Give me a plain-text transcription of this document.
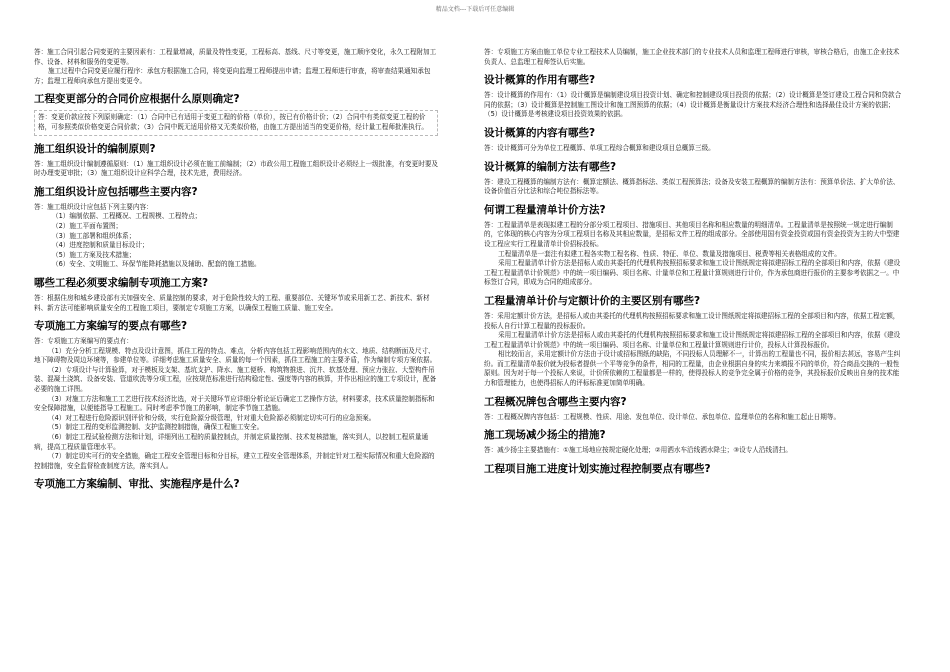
精品文档---下载后可任意编辑

答：施工合同引起合同变更的主要因素有：工程量增减，质量及特性变更，工程标高、基线、尺寸等变更，施工顺序变化，永久工程附加工作、设备、材料和服务的变更等。

施工过程中合同变更应履行程序：承包方根据施工合同，将变更向监理工程师提出申请；监理工程师进行审查，将审查结果通知承包方；监理工程师向承包方提出变更令。

工程变更部分的合同价应根据什么原则确定?

答：变更价款应按下列原则确定：（1）合同中已有适用于变更工程的价格（单价），按已有价格计价；（2）合同中有类似变更工程的价格，可参照类似价格变更合同价款；（3）合同中既无适用价格又无类似价格，由施工方提出适当的变更价格，经计量工程师批准执行。

施工组织设计的编制原则?

答：施工组织设计编制遵循原则：（1）施工组织设计必须在施工前编制；（2）市政公用工程施工组织设计必须经上一级批准，有变更时要及时办理变更审批；（3）施工组织设计应科学合理，技术先进，费用经济。

施工组织设计应包括哪些主要内容?

答：施工组织设计应包括下列主要内容：

（1）编制依据、工程概况、工程规模、工程特点；

（2）施工平面布置图；

（3）施工部署和组织体系；

（4）进度控制和质量目标设计；

（5）施工方案及技术措施；

（6）安全、文明施工、环保节能降耗措施以及辅助、配套的施工措施。

哪些工程必须要求编制专项施工方案?

答：根据住房和城乡建设部有关加强安全、质量控制的要求，对于危险性较大的工程、重要部位、关键环节或采用新工艺、新技术、新材料、新方法可能影响质量安全的工程施工项目，要制定专项施工方案，以确保工程施工质量、施工安全。

专项施工方案编写的要点有哪些?

答：专项施工方案编写的要点有：

（1）充分分析工程规模、特点及设计意图，抓住工程的特点、难点，分析内容包括工程影响范围内的水文、地质、结构断面及尺寸、地下障碍物及周边环境等，参建单位等。详细考虑施工质量安全、质量的每一个因素，抓住工程施工的主要矛盾，作为编制专项方案依据。

（2）专项设计与计算验算，对于模板及支架、基坑支护、降水、施工便桥、构筑物推进、沉井、软基处理、预应力张拉、大型构件吊装、混凝土浇筑、设备安装、管道吹洗等分项工程，应按规范标准进行结构稳定性、强度等内容的核算，并作出相应的施工专项设计，配备必要的施工详图。

（3）对施工方法和施工工艺进行技术经济比选，对于关键环节应详细分析论证后确定工艺操作方法，材料要求，技术质量控制指标和安全保障措施，以便能指导工程施工。同时考虑季节施工的影响，制定季节施工措施。

（4）对工程进行危险源识别评价和分级，实行危险源分级管理，针对重大危险源必须制定切实可行的应急预案。

（5）制定工程的变形监测控制、支护监测控制措施，确保工程施工安全。

（6）制定工程试验检测方法和计划，详细列出工程的质量控制点，并制定质量控制、技术复核措施，落实到人，以控制工程质量通病，提高工程质量管理水平。

（7）制定切实可行的安全措施，确定工程安全管理目标和分目标，建立工程安全管理体系，并制定针对工程实际情况和重大危险源的控制措施，安全监督检查制度方法，落实到人。

专项施工方案编制、审批、实施程序是什么?

答：专项施工方案由施工单位专业工程技术人员编制，施工企业技术部门的专业技术人员和监理工程师进行审核，审核合格后，由施工企业技术负责人、总监理工程师签认后实施。

设计概算的作用有哪些?

答：设计概算的作用有：（1）设计概算是编制建设项目投资计划、确定和控制建设项目投资的依据；（2）设计概算是签订建设工程合同和贷款合同的依据；（3）设计概算是控制施工图设计和施工图预算的依据；（4）设计概算是衡量设计方案技术经济合理性和选择最佳设计方案的依据；（5）设计概算是考核建设项目投资效果的依据。

设计概算的内容有哪些?

答：设计概算可分为单位工程概算、单项工程综合概算和建设项目总概算三级。

设计概算的编制方法有哪些?

答：建设工程概算的编制方法有：概算定额法、概算指标法、类似工程预算法；设备及安装工程概算的编制方法有：预算单价法、扩大单价法、设备价值百分比法和综合吨位指标法等。

何谓工程量清单计价方法?

答：工程量清单是表现拟建工程的分部分项工程项目、措施项目、其他项目名称和相应数量的明细清单。工程量清单是按照统一规定进行编制的，它体现的核心内容为分项工程项目名称及其相应数量，是招标文件工程的组成部分。全部使用国有资金投资或国有资金投资为主的大中型建设工程应实行工程量清单计价招标投标。

工程量清单是一套注有拟建工程各实物工程名称、性质、特征、单位、数量及措施项目、税费等相关表格组成的文件。

采用工程量清单计价方法是招标人或由其委托的代理机构按照招标要求和施工设计图纸规定将拟建招标工程的全部项目和内容，依据《建设工程工程量清单计价规范》中的统一项目编码、项目名称、计量单位和工程量计算规则进行计价，作为承包商进行报价的主要参考依据之一。中标签订合同，即成为合同的组成部分。

工程量清单计价与定额计价的主要区别有哪些?

答：采用定额计价方法，是招标人或由其委托的代理机构按照招标要求和施工设计图纸规定将拟建招标工程的全部项目和内容，依据工程定额，投标人自行计算工程量的投标报价。

采用工程量清单计价方法是招标人或由其委托的代理机构按照招标要求和施工设计图纸规定将拟建招标工程的全部项目和内容，依据《建设工程工程量清单计价规范》中的统一项目编码、项目名称、计量单位和工程量计算规则进行计价，投标人计算投标报价。

相比较而言，采用定额计价方法由于设计或招标图纸的缺陷，不同投标人员理解不一，计算出的工程量也不同，报价相去甚远，容易产生纠纷。而工程量清单报价就为投标者提供一个平等竞争的条件，相同的工程量，由企业根据自身的实力来填报不同的单价，符合商品交换的一般性原则。因为对于每一个投标人来说，计价所依赖的工程量都是一样的，使得投标人的竞争完全属于价格的竞争，其投标报价反映出自身的技术能力和管理能力，也使得招标人的评标标准更加简单明确。

工程概况牌包含哪些主要内容?

答：工程概况牌内容包括：工程规模、性质、用途、发包单位、设计单位、承包单位、监理单位的名称和施工起止日期等。

施工现场减少扬尘的措施?

答：减少扬尘主要措施有：①施工场地应按规定硬化处理；②用洒水车沿线洒水降尘；③设专人沿线清扫。

工程项目施工进度计划实施过程控制要点有哪些?
